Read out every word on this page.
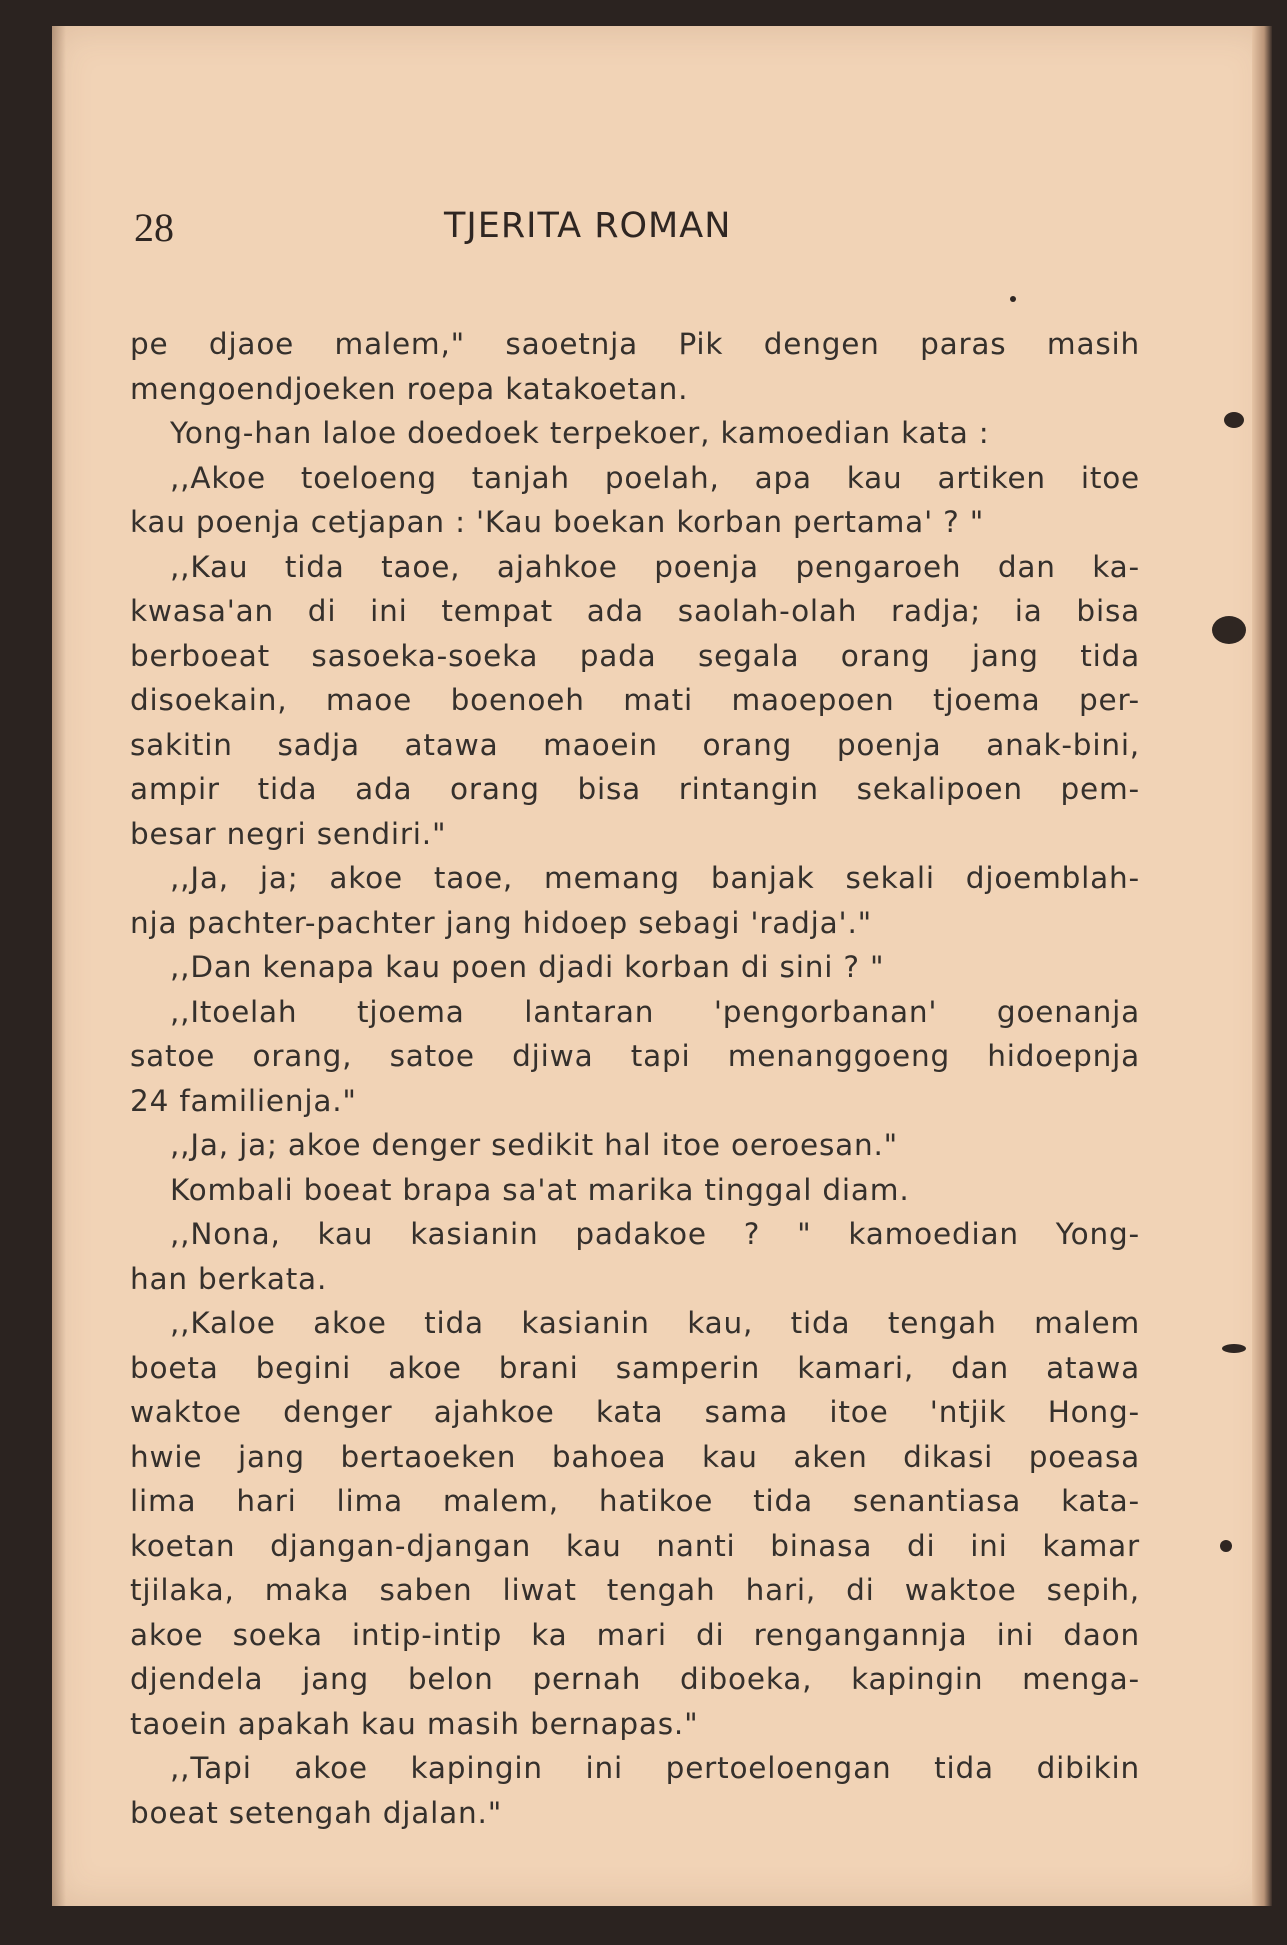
28	TJERITA ROMAN
pe djaoe malem," saoetnja Pik dengen paras masih
mengoendjoeken roepa katakoetan.
Yong-han laloe doedoek terpekoer, kamoedian kata :
,,Akoe toeloeng tanjah poelah, apa kau artiken itoe
kau poenja cetjapan : 'Kau boekan korban pertama' ? "
,,Kau tida taoe, ajahkoe poenja pengaroeh dan ka-
kwasa'an di ini tempat ada saolah-olah radja; ia bisa
berboeat sasoeka-soeka pada segala orang jang tida
disoekain, maoe boenoeh mati maoepoen tjoema per-
sakitin sadja atawa maoein orang poenja anak-bini,
ampir tida ada orang bisa rintangin sekalipoen pem-
besar negri sendiri."
,,Ja, ja; akoe taoe, memang banjak sekali djoemblah-
nja pachter-pachter jang hidoep sebagi 'radja'."
,,Dan kenapa kau poen djadi korban di sini ? "
,,Itoelah tjoema lantaran 'pengorbanan' goenanja
satoe orang, satoe djiwa tapi menanggoeng hidoepnja
24 familienja."
,,Ja, ja; akoe denger sedikit hal itoe oeroesan."
Kombali boeat brapa sa'at marika tinggal diam.
,,Nona, kau kasianin padakoe ? " kamoedian Yong-
han berkata.
,,Kaloe akoe tida kasianin kau, tida tengah malem
boeta begini akoe brani samperin kamari, dan atawa
waktoe denger ajahkoe kata sama itoe 'ntjik Hong-
hwie jang bertaoeken bahoea kau aken dikasi poeasa
lima hari lima malem, hatikoe tida senantiasa kata-
koetan djangan-djangan kau nanti binasa di ini kamar
tjilaka, maka saben liwat tengah hari, di waktoe sepih,
akoe soeka intip-intip ka mari di rengangannja ini daon
djendela jang belon pernah diboeka, kapingin menga-
taoein apakah kau masih bernapas."
,,Tapi akoe kapingin ini pertoeloengan tida dibikin
boeat setengah djalan."
